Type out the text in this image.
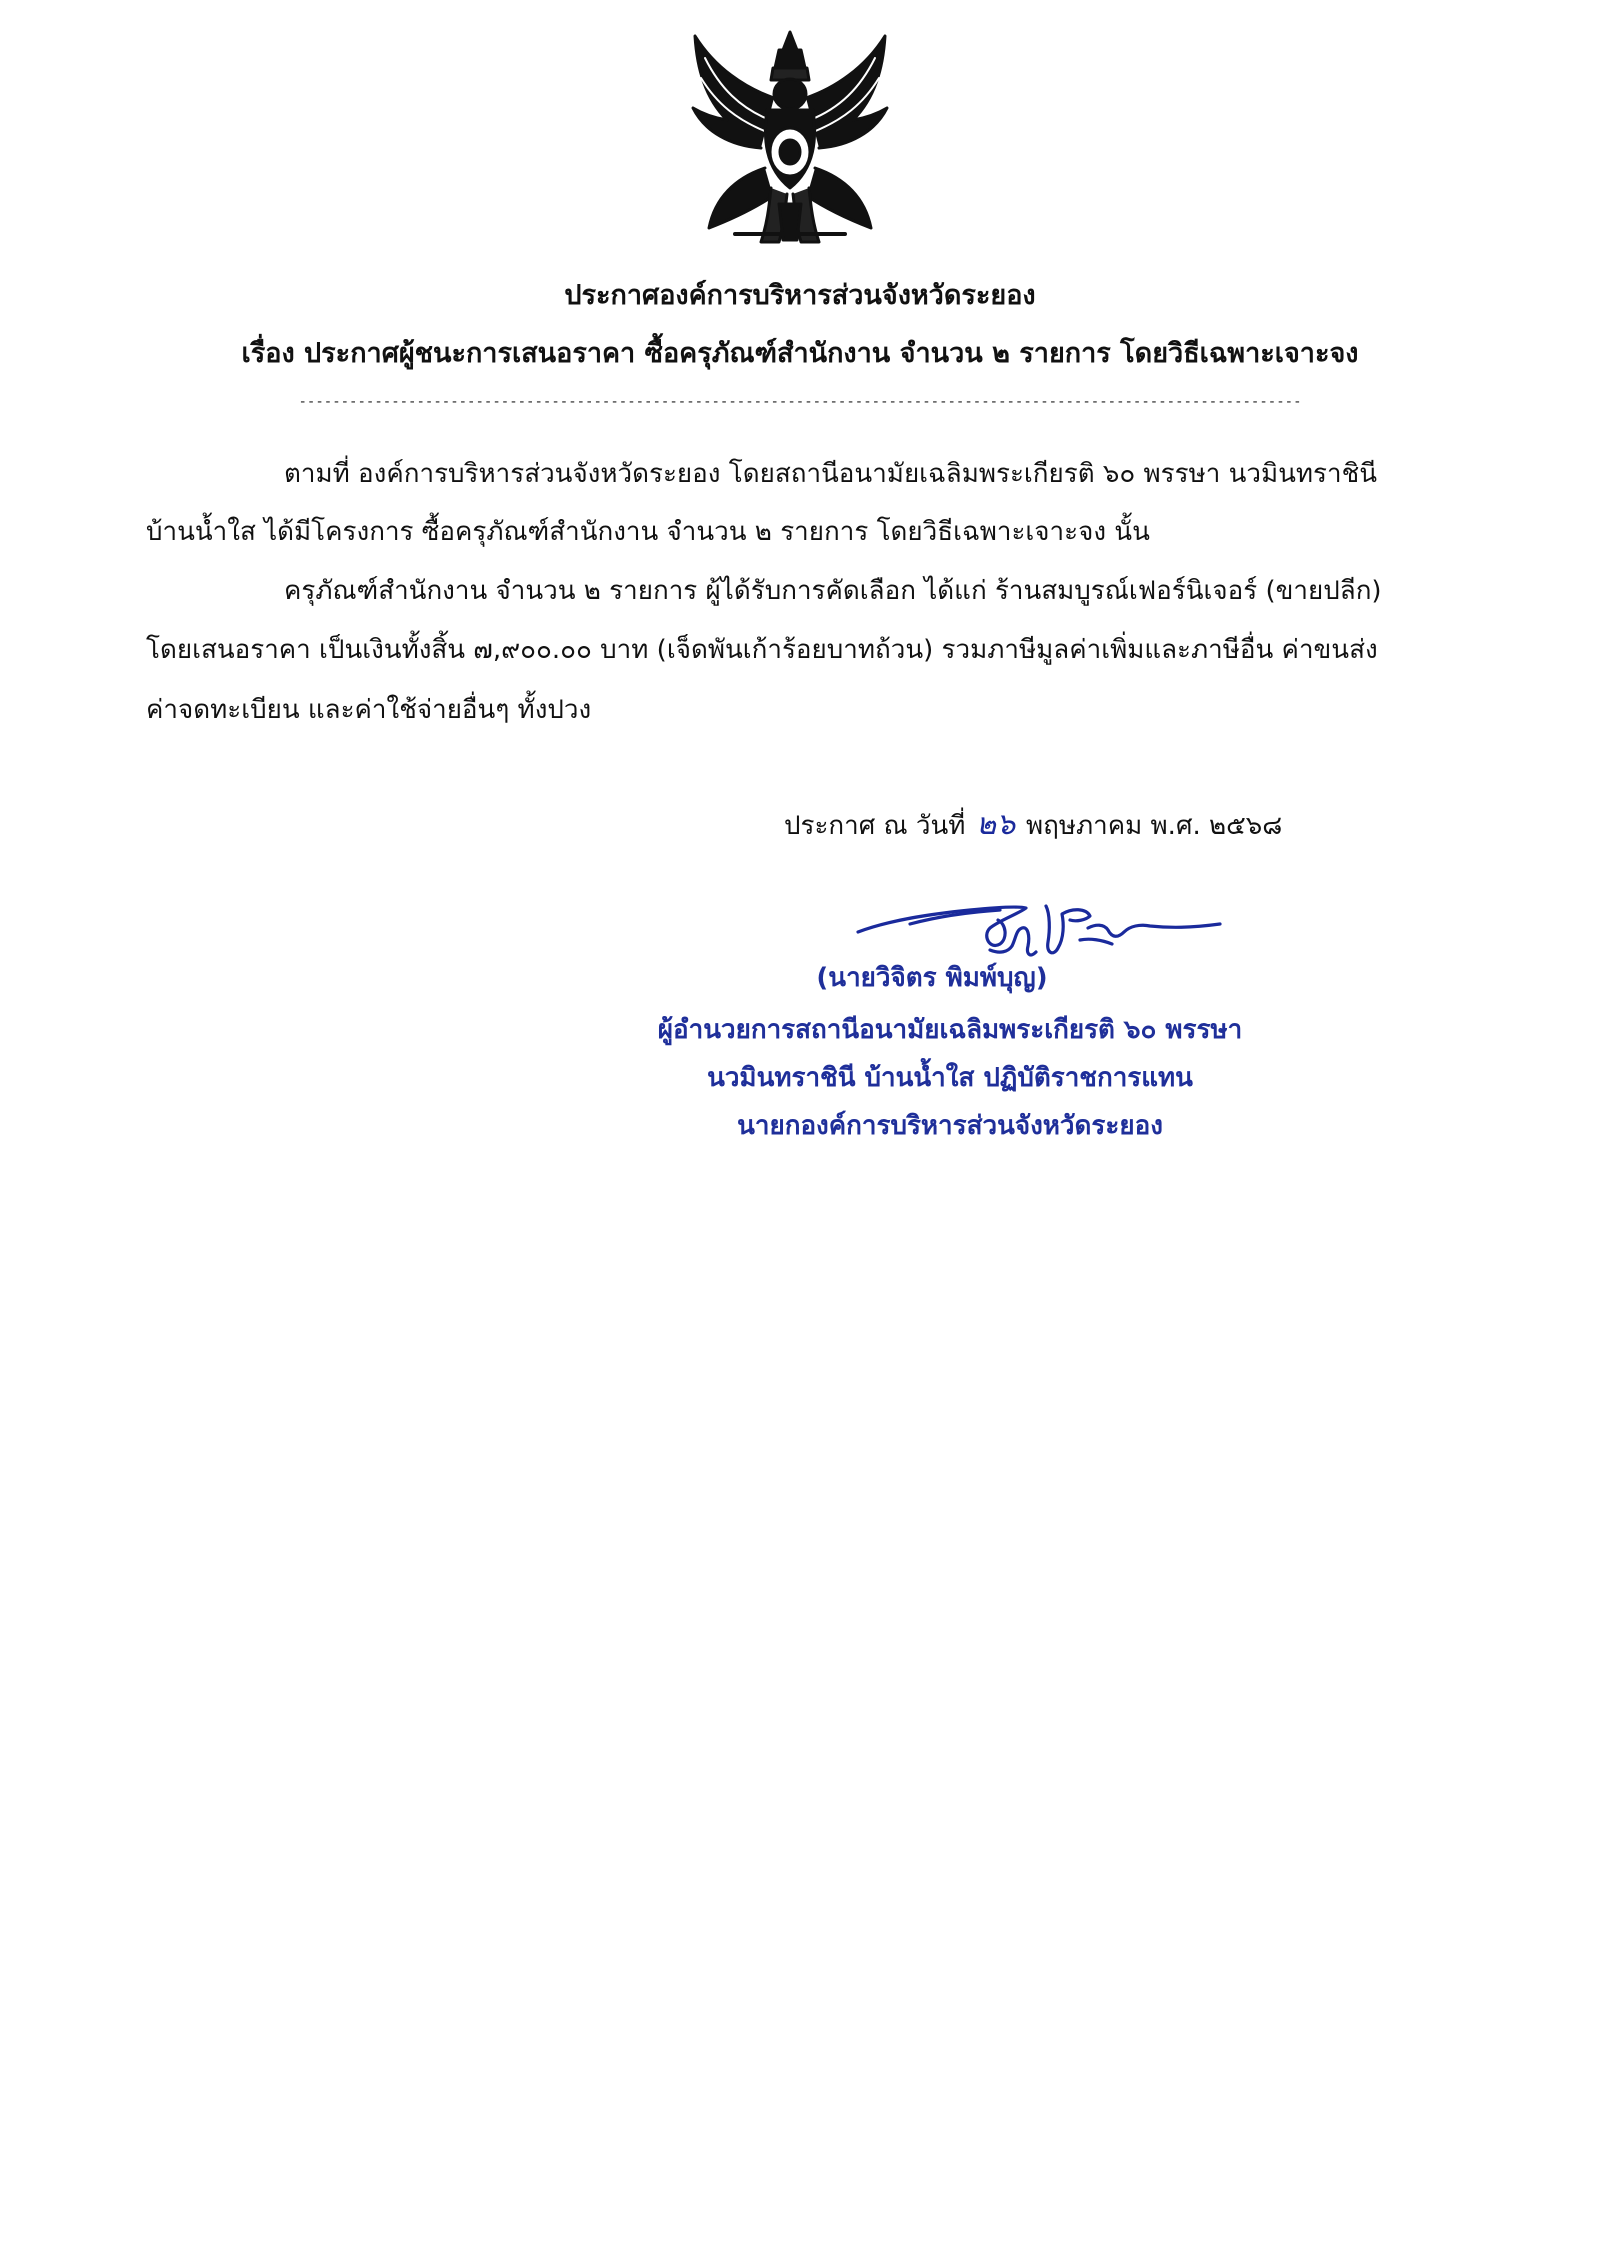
ประกาศองค์การบริหารส่วนจังหวัดระยอง
เรื่อง ประกาศผู้ชนะการเสนอราคา ซื้อครุภัณฑ์สำนักงาน จำนวน ๒ รายการ โดยวิธีเฉพาะเจาะจง
-----------------------------------------------------------------------------------------------------------------------
ตามที่ องค์การบริหารส่วนจังหวัดระยอง โดยสถานีอนามัยเฉลิมพระเกียรติ ๖๐ พรรษา นวมินทราชินี
บ้านน้ำใส ได้มีโครงการ ซื้อครุภัณฑ์สำนักงาน จำนวน ๒ รายการ โดยวิธีเฉพาะเจาะจง นั้น
ครุภัณฑ์สำนักงาน จำนวน ๒ รายการ ผู้ได้รับการคัดเลือก ได้แก่ ร้านสมบูรณ์เฟอร์นิเจอร์ (ขายปลีก)
โดยเสนอราคา เป็นเงินทั้งสิ้น ๗,๙๐๐.๐๐ บาท (เจ็ดพันเก้าร้อยบาทถ้วน) รวมภาษีมูลค่าเพิ่มและภาษีอื่น ค่าขนส่ง
ค่าจดทะเบียน และค่าใช้จ่ายอื่นๆ ทั้งปวง
ประกาศ ณ วันที่ ๒๖ พฤษภาคม พ.ศ. ๒๕๖๘
(นายวิจิตร พิมพ์บุญ)
ผู้อำนวยการสถานีอนามัยเฉลิมพระเกียรติ ๖๐ พรรษา
นวมินทราชินี บ้านน้ำใส ปฏิบัติราชการแทน
นายกองค์การบริหารส่วนจังหวัดระยอง
